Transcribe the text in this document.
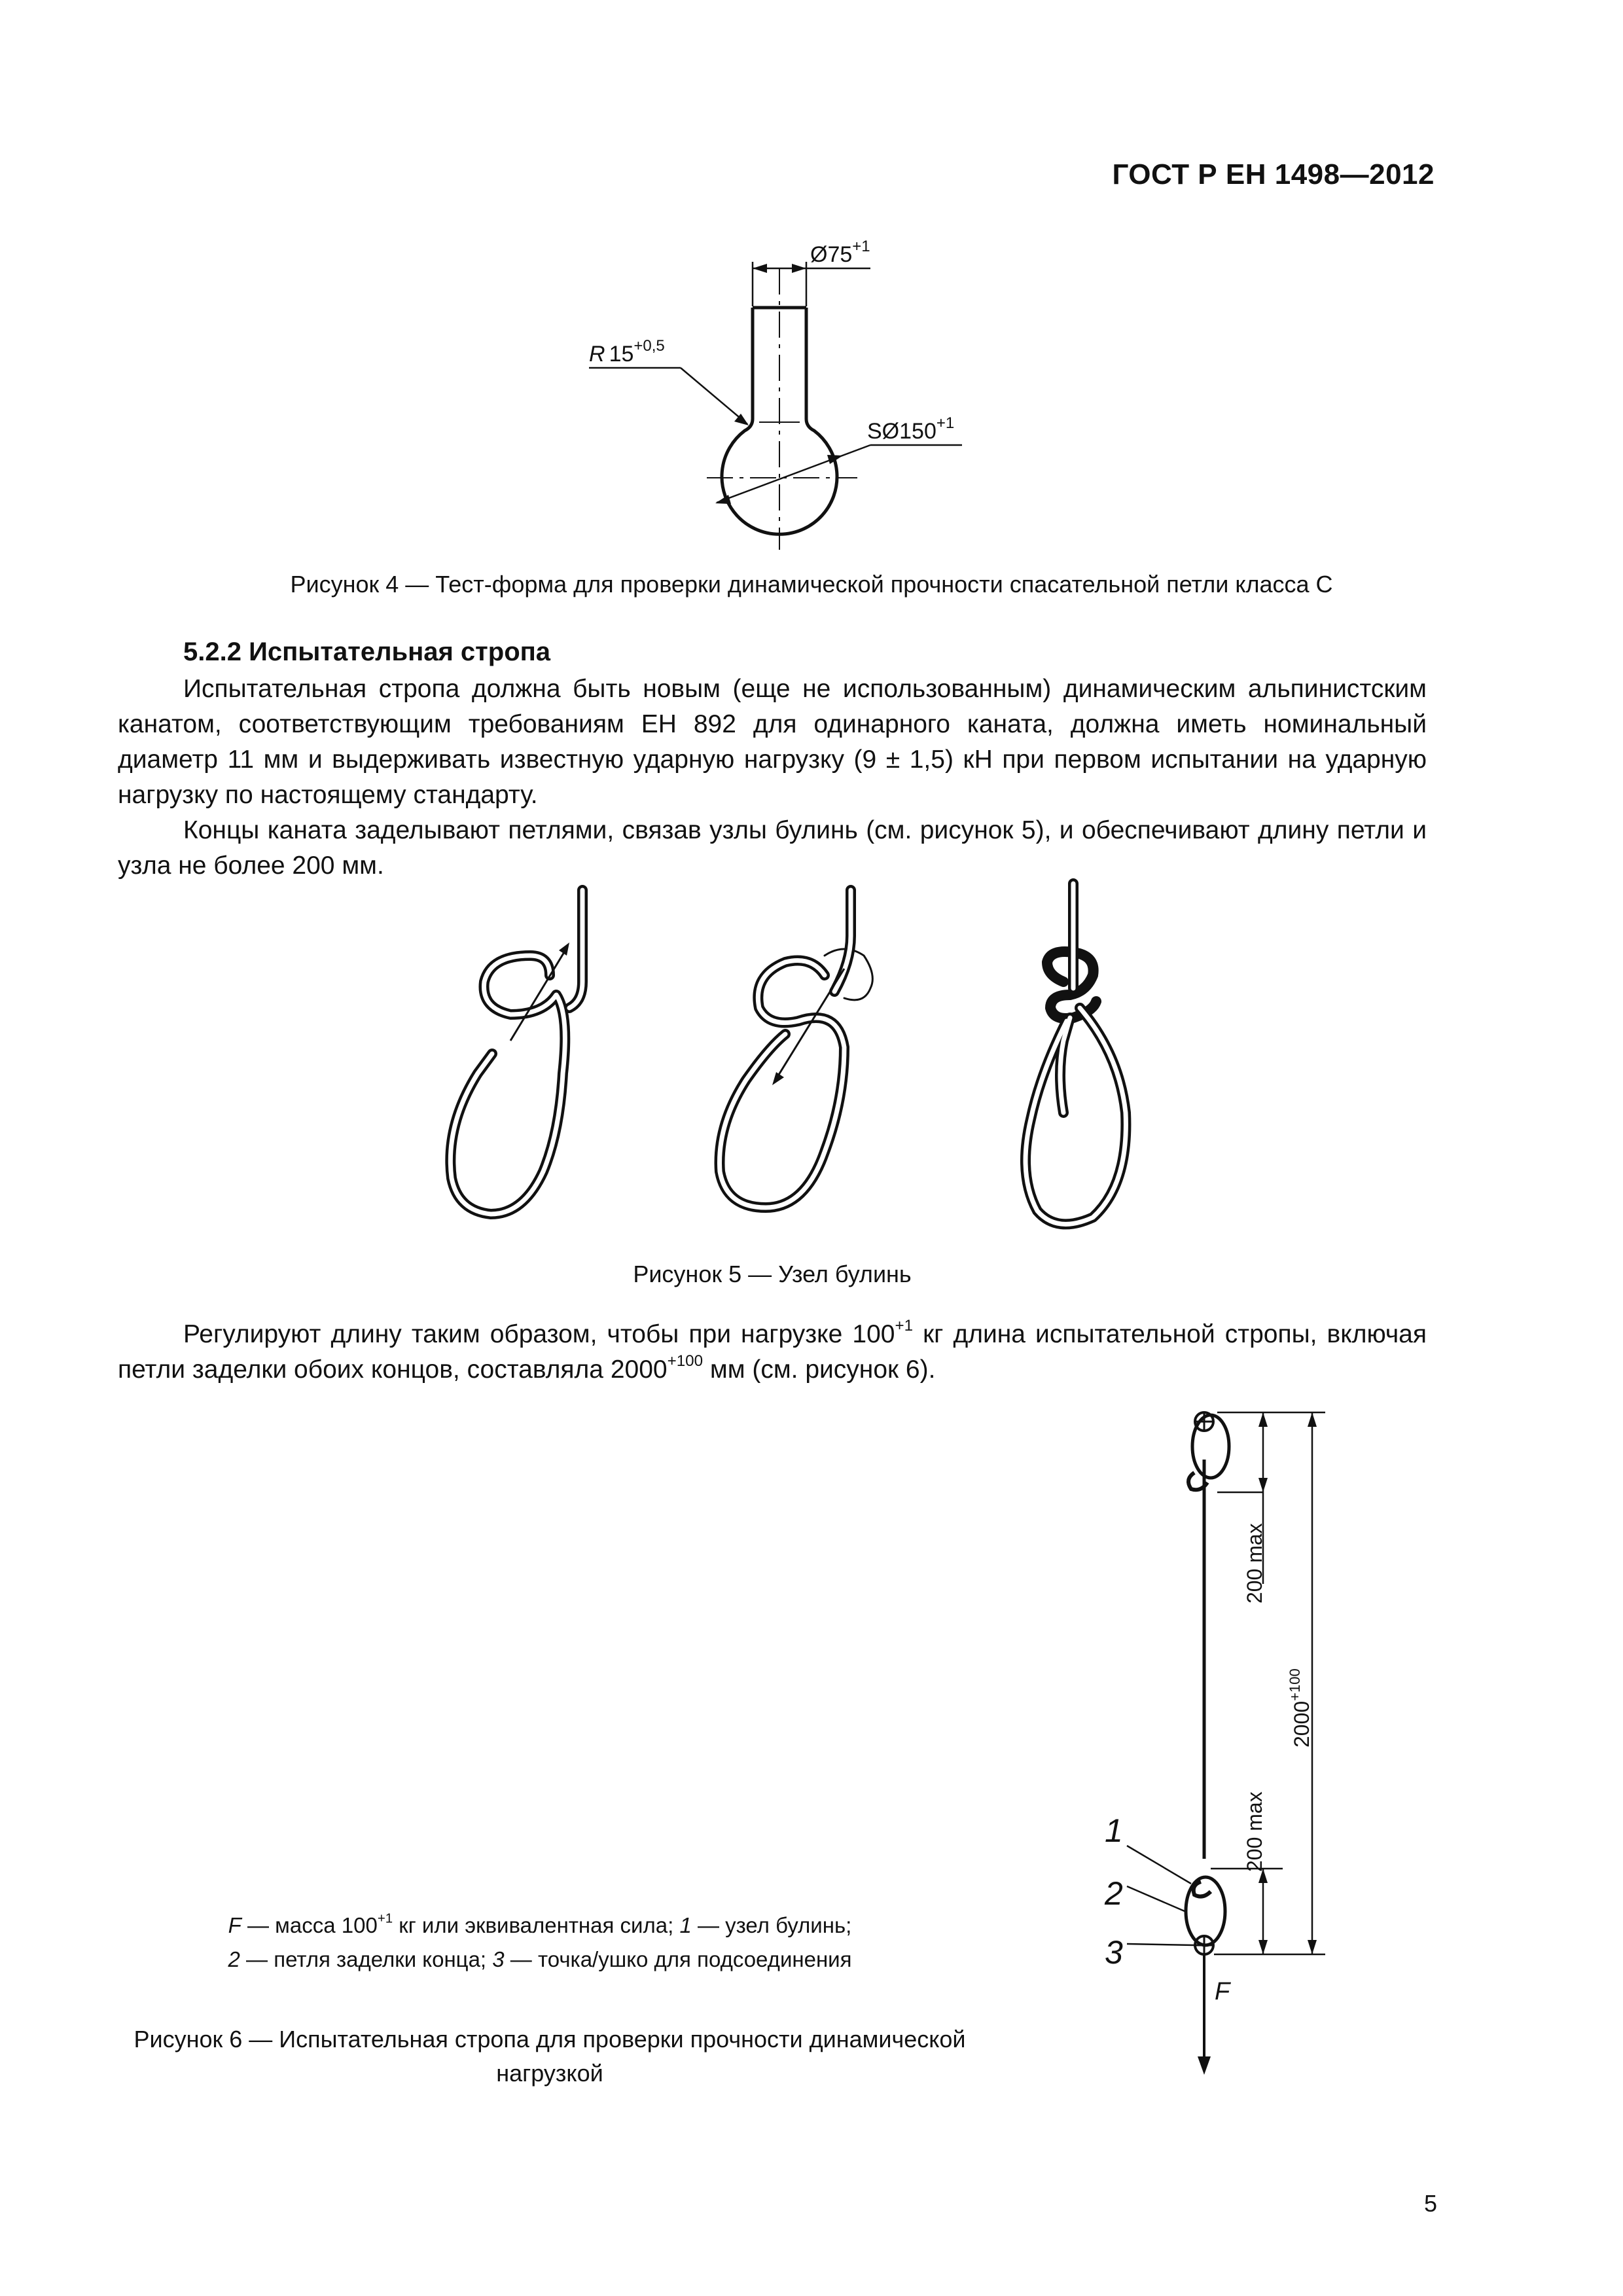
ГОСТ Р ЕН 1498—2012
$Ø75^{+1}$
R $15^{+0,5}$
$SØ150^{+1}$
Рисунок 4 — Тест-форма для проверки динамической прочности спасательной петли класса С
5.2.2 Испытательная стропа

Испытательная стропа должна быть новым (еще не использованным) динамическим альпинистским канатом, соответствующим требованиям ЕН 892 для одинарного каната, должна иметь номинальный диаметр 11 мм и выдерживать известную ударную нагрузку (9 ± 1,5) кН при первом испытании на ударную нагрузку по настоящему стандарту.

Концы каната заделывают петлями, связав узлы булинь (см. рисунок 5), и обеспечивают длину петли и узла не более 200 мм.

Рисунок 5 — Узел булинь

Регулируют длину таким образом, чтобы при нагрузке $100^{+1}$ кг длина испытательной стропы, включая петли заделки обоих концов, составляла $2000^{+100}$ мм (см. рисунок 6).

1
2
3
F
200 max
200 max
$2000^{+100}$
F — масса $100^{+1}$ кг или эквивалентная сила; 1 — узел булинь;
2 — петля заделки конца; 3 — точка/ушко для подсоединения
Рисунок 6 — Испытательная стропа для проверки прочности динамической
нагрузкой
5
